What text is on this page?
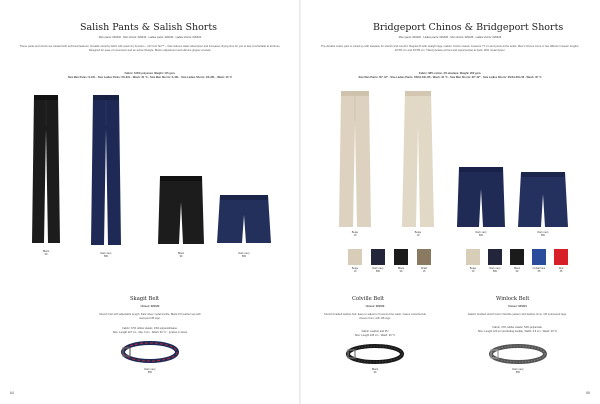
Salish Pants & Salish Shorts
Men pants: 020432 · Men shorts: 020432 · Ladies pants: 020432 · Ladies shorts: 020432
These pants and shorts are treated with technical features. Durable stretchy fabric with quick dry function – Oil Cool Tex™ – that reduces water absorption and increases drying time for you to feel comfortable at all times. Designed for ease of movement and an active lifestyle. Button adjustment and silicone gripper at waist.
Fabric: 100% polyester. Weight: 115 gsm.
Size Men Pants: S-4XL · Size Ladies Pants: XS-3XL · Wash: 40 °C · Size Men Shorts: S-4XL · Size Ladies Shorts: XS-3XL · Wash: 40 °C
Black
99	Dark navy
580
Black
99
Dark navy
580
Skagit Belt
Unisex: 020420
Stretch belt with adjustable length. Dark silver metal buckle. Black PU leather tap with stamped CB logo.
Fabric: 67% rubber elastic, 33% polyamid/wave.
Size: Length 107 cm · Dia. 3 cm · Wash: 40 °C · (unisex in sizes)
Dark navy
580
64
Bridgeport Chinos & Bridgeport Shorts
Men pants: 020426 · Ladies pants: 020426 · Men shorts: 020426 · Ladies shorts: 020426
The durable cotton pant is mixed up with elastane for stretch and comfort. Regular fit with straight legs. Ladies' chinos inseam measure 77 cm and pools at the ankle. Men's Chinos come in two different inseam lengths: 32"/81 cm and 34"/86 cm. Tilted pockets at front and piped pocket at back. With metal zipper.
Fabric: 98% cotton, 2% elastane. Weight: 260 gsm.
Size Men Pants: 30"-42" · Size Ladies Pants: XS/34-XXL/46 · Wash: 40 °C · Size Men Shorts: 30"-42" · Size Ladies Shorts: XS/34-XXL/46 · Wash: 40 °C
Beige
10
Beige
10
Dark navy
580
Dark navy
580
Beige
10
Dark navy
580
Black
99
Khaki
15
Beige
10
Dark navy
580
Black
99
Cobalt blue
55
Red
35
Colville Belt
Unisex: 020420
Stretch braided leather belt. Easy to adjust to fit around the waist. Cases metal buckle closure front, with CB logo.
Fabric: Leather and PU
Size: Length 105 cm · Wash: 30 °C
Black
99
Winlock Belt
Unisex: 020421
Elastic braided stretch belt in flexible pattern with leather trims. CB embossed tags.
Fabric: 47% rubber elastic, 53% polyamide.
Size: Length 120 cm (excluding buckle), Width: 3.5 cm · Wash: 40 °C
Dark navy
580
65
